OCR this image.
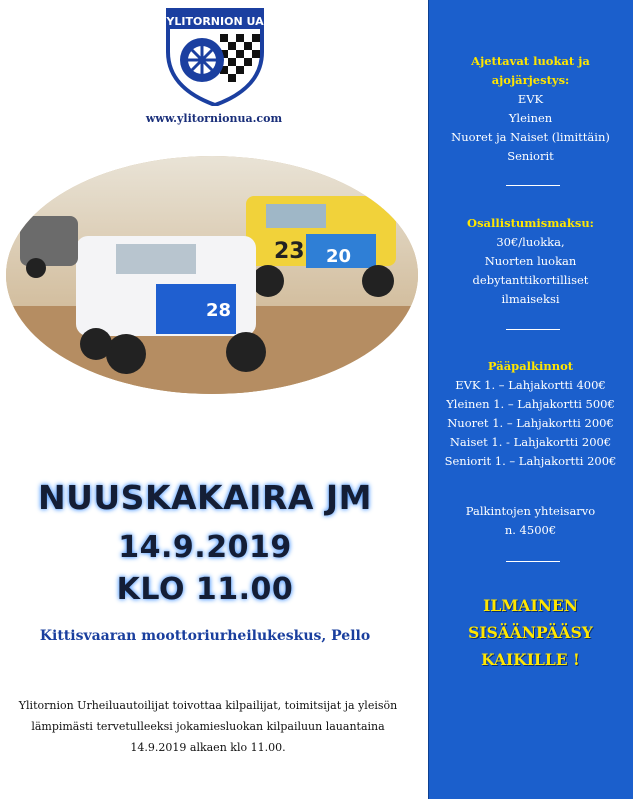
YLITORNION UA
www.ylitornionua.com
23 20
28
NUUSKAKAIRA JM
14.9.2019
KLO 11.00
Kittisvaaran moottoriurheilukeskus, Pello
Ylitornion Urheiluautoilijat toivottaa kilpailijat, toimitsijat ja yleisön
lämpimästi tervetulleeksi jokamiesluokan kilpailuun lauantaina
14.9.2019 alkaen klo 11.00.
Ajettavat luokat ja
ajojärjestys:
EVK
Yleinen
Nuoret ja Naiset (limittäin)
Seniorit
Osallistumismaksu:
30€/luokka,
Nuorten luokan
debytanttikortilliset
ilmaiseksi
Pääpalkinnot
EVK 1. – Lahjakortti 400€
Yleinen 1. – Lahjakortti 500€
Nuoret 1. – Lahjakortti 200€
Naiset 1. - Lahjakortti 200€
Seniorit 1. – Lahjakortti 200€
Palkintojen yhteisarvo
n. 4500€
ILMAINEN
SISÄÄNPÄÄSY
KAIKILLE !
